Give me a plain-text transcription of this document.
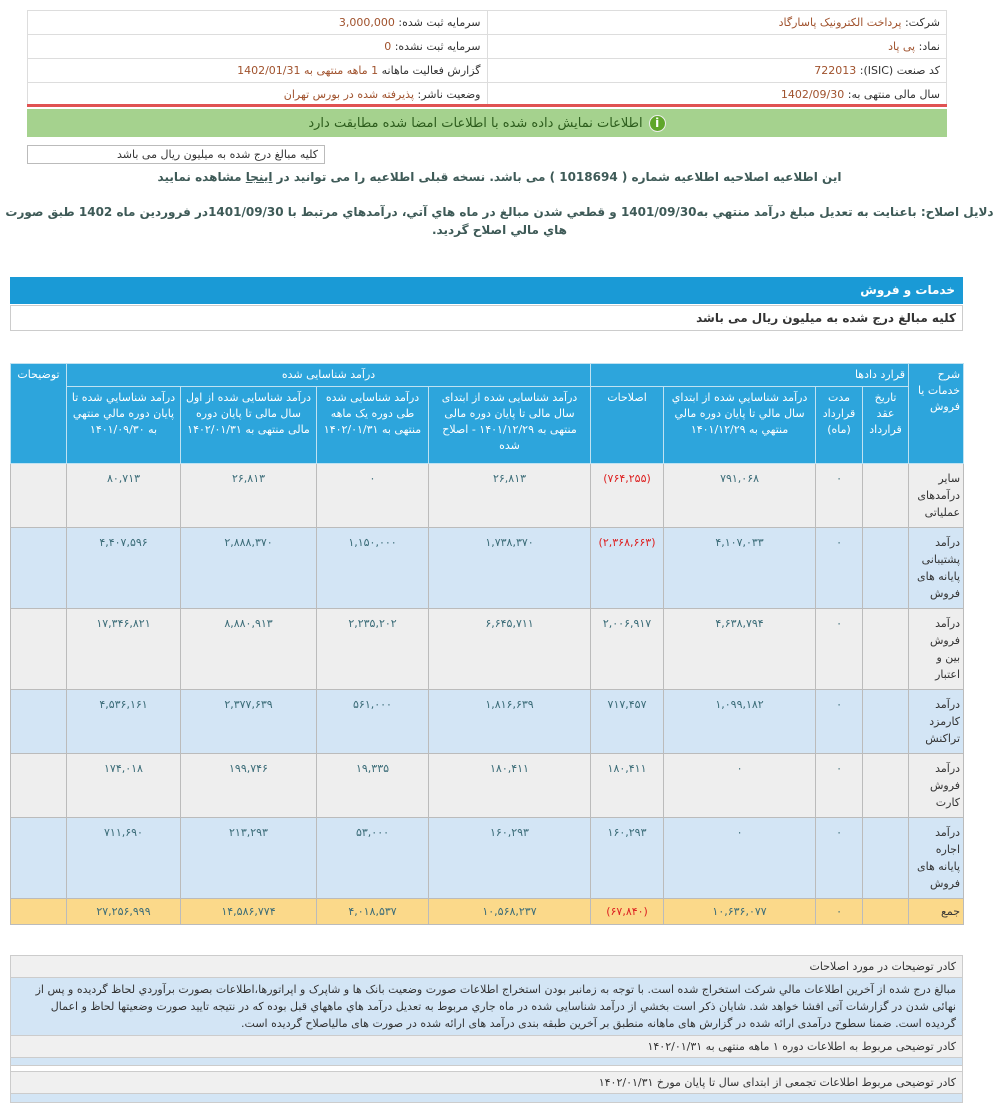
شرکت: پرداخت الکترونیک پاسارگاد	سرمایه ثبت شده: 3,000,000
نماد: پی پاد	سرمایه ثبت نشده: 0
کد صنعت (ISIC): 722013	گزارش فعالیت ماهانه 1 ماهه منتهی به 1402/01/31
سال مالی منتهی به: 1402/09/30	وضعیت ناشر: پذیرفته شده در بورس تهران
i
اطلاعات نمایش داده شده با اطلاعات امضا شده مطابقت دارد
کلیه مبالغ درج شده به میلیون ریال می باشد
این اطلاعیه اصلاحیه اطلاعیه شماره ( 1018694 ) می باشد. نسخه قبلی اطلاعیه را می توانید در اینجا مشاهده نمایید
دلایل اصلاح: باعنایت به تعدیل مبلغ درآمد منتهي به1401/09/30 و قطعي شدن مبالغ در ماه هاي آتي، درآمدهاي مرتبط با 1401/09/30در فروردين ماه 1402 طبق صورت هاي مالي اصلاح گرديد.
خدمات و فروش
کلیه مبالغ درج شده به میلیون ریال می باشد
شرح خدمات یا فروش	قرارد دادها				درآمد شناسایی شده				توضیحات
	تاریخ عقد قرارداد	مدت قرارداد (ماه)	درآمد شناسایي شده از ابتداي سال مالي تا پایان دوره مالي منتهي به ۱۴۰۱/۱۲/۲۹	اصلاحات	درآمد شناسایی شده از ابتدای سال مالی تا پایان دوره مالی منتهی به ۱۴۰۱/۱۲/۲۹ - اصلاح شده	درآمد شناسایی شده طی دوره یک ماهه منتهی به ۱۴۰۲/۰۱/۳۱	درآمد شناسایی شده از اول سال مالی تا پایان دوره مالی منتهی به ۱۴۰۲/۰۱/۳۱	درآمد شناسايي شده تا پایان دوره مالي منتهي به ۱۴۰۱/۰۹/۳۰	
سایر درآمدهای عملیاتی		۰	۷۹۱,۰۶۸	(۷۶۴,۲۵۵)	۲۶,۸۱۳	۰	۲۶,۸۱۳	۸۰,۷۱۳	
درآمد پشتیبانی پایانه های فروش		۰	۴,۱۰۷,۰۳۳	(۲,۳۶۸,۶۶۳)	۱,۷۳۸,۳۷۰	۱,۱۵۰,۰۰۰	۲,۸۸۸,۳۷۰	۴,۴۰۷,۵۹۶	
درآمد فروش بین و اعتبار		۰	۴,۶۳۸,۷۹۴	۲,۰۰۶,۹۱۷	۶,۶۴۵,۷۱۱	۲,۲۳۵,۲۰۲	۸,۸۸۰,۹۱۳	۱۷,۳۴۶,۸۲۱	
درآمد کارمزد تراکنش		۰	۱,۰۹۹,۱۸۲	۷۱۷,۴۵۷	۱,۸۱۶,۶۳۹	۵۶۱,۰۰۰	۲,۳۷۷,۶۳۹	۴,۵۳۶,۱۶۱	
درآمد فروش کارت		۰	۰	۱۸۰,۴۱۱	۱۸۰,۴۱۱	۱۹,۳۳۵	۱۹۹,۷۴۶	۱۷۴,۰۱۸	
درآمد اجاره پایانه های فروش		۰	۰	۱۶۰,۲۹۳	۱۶۰,۲۹۳	۵۳,۰۰۰	۲۱۳,۲۹۳	۷۱۱,۶۹۰	
جمع		۰	۱۰,۶۳۶,۰۷۷	(۶۷,۸۴۰)	۱۰,۵۶۸,۲۳۷	۴,۰۱۸,۵۳۷	۱۴,۵۸۶,۷۷۴	۲۷,۲۵۶,۹۹۹	
کادر توضیحات در مورد اصلاحات
مبالغ درج شده از آخرین اطلاعات مالي شرکت استخراج شده است. با توجه به زمانبر بودن استخراج اطلاعات صورت وضعیت بانک ها و شاپرک و اپراتورها،اطلاعات بصورت برآوردي لحاظ گرديده و پس از نهائی شدن در گزارشات آتی افشا خواهد شد. شایان ذکر است بخشي از درآمد شناسایی شده در ماه جاري مربوط به تعدیل درآمد هاي ماههاي قبل بوده که در نتیجه تایید صورت وضعیتها لحاظ و اعمال گردیده است. ضمنا سطوح درآمدی ارائه شده در گزارش های ماهانه منطبق بر آخرین طبقه بندی درآمد های ارائه شده در صورت های مالیاصلاح گردیده است.
کادر توضیحی مربوط به اطلاعات دوره ۱ ماهه منتهی به ۱۴۰۲/۰۱/۳۱
کادر توضیحی مربوط اطلاعات تجمعی از ابتدای سال تا پایان مورخ ۱۴۰۲/۰۱/۳۱
